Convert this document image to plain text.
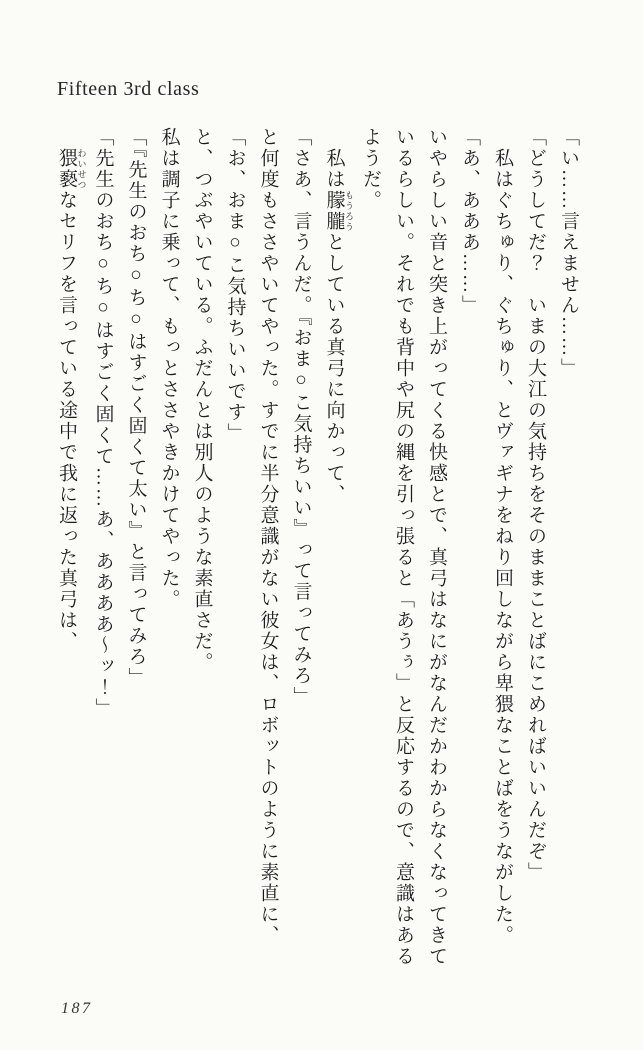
Fifteen 3rd class

「い……言えません……」

「どうしてだ？　いまの大江の気持ちをそのままことばにこめればいいんだぞ」

私はぐちゅり、ぐちゅり、とヴァギナをねり回しながら卑猥なことばをうながした。

「あ、あああ……」

いやらしい音と突き上がってくる快感とで、真弓はなにがなんだかわからなくなってきているらしい。それでも背中や尻の縄を引っ張ると「あうぅ」と反応するので、意識はあるようだ。

私は朦朧 もうろうとしている真弓に向かって、

「さあ、言うんだ。『おま○こ気持ちいい』って言ってみろ」

と何度もささやいてやった。すでに半分意識がない彼女は、ロボットのように素直に、

「お、おま○こ気持ちいいです」

と、つぶやいている。ふだんとは別人のような素直さだ。

私は調子に乗って、もっとささやきかけてやった。

「『先生のおち○ち○はすごく固くて太い』と言ってみろ」

「先生のおち○ち○はすごく固くて……あ、ああああ～ッ！」

猥褻 わいせつなセリフを言っている途中で我に返った真弓は、

187
